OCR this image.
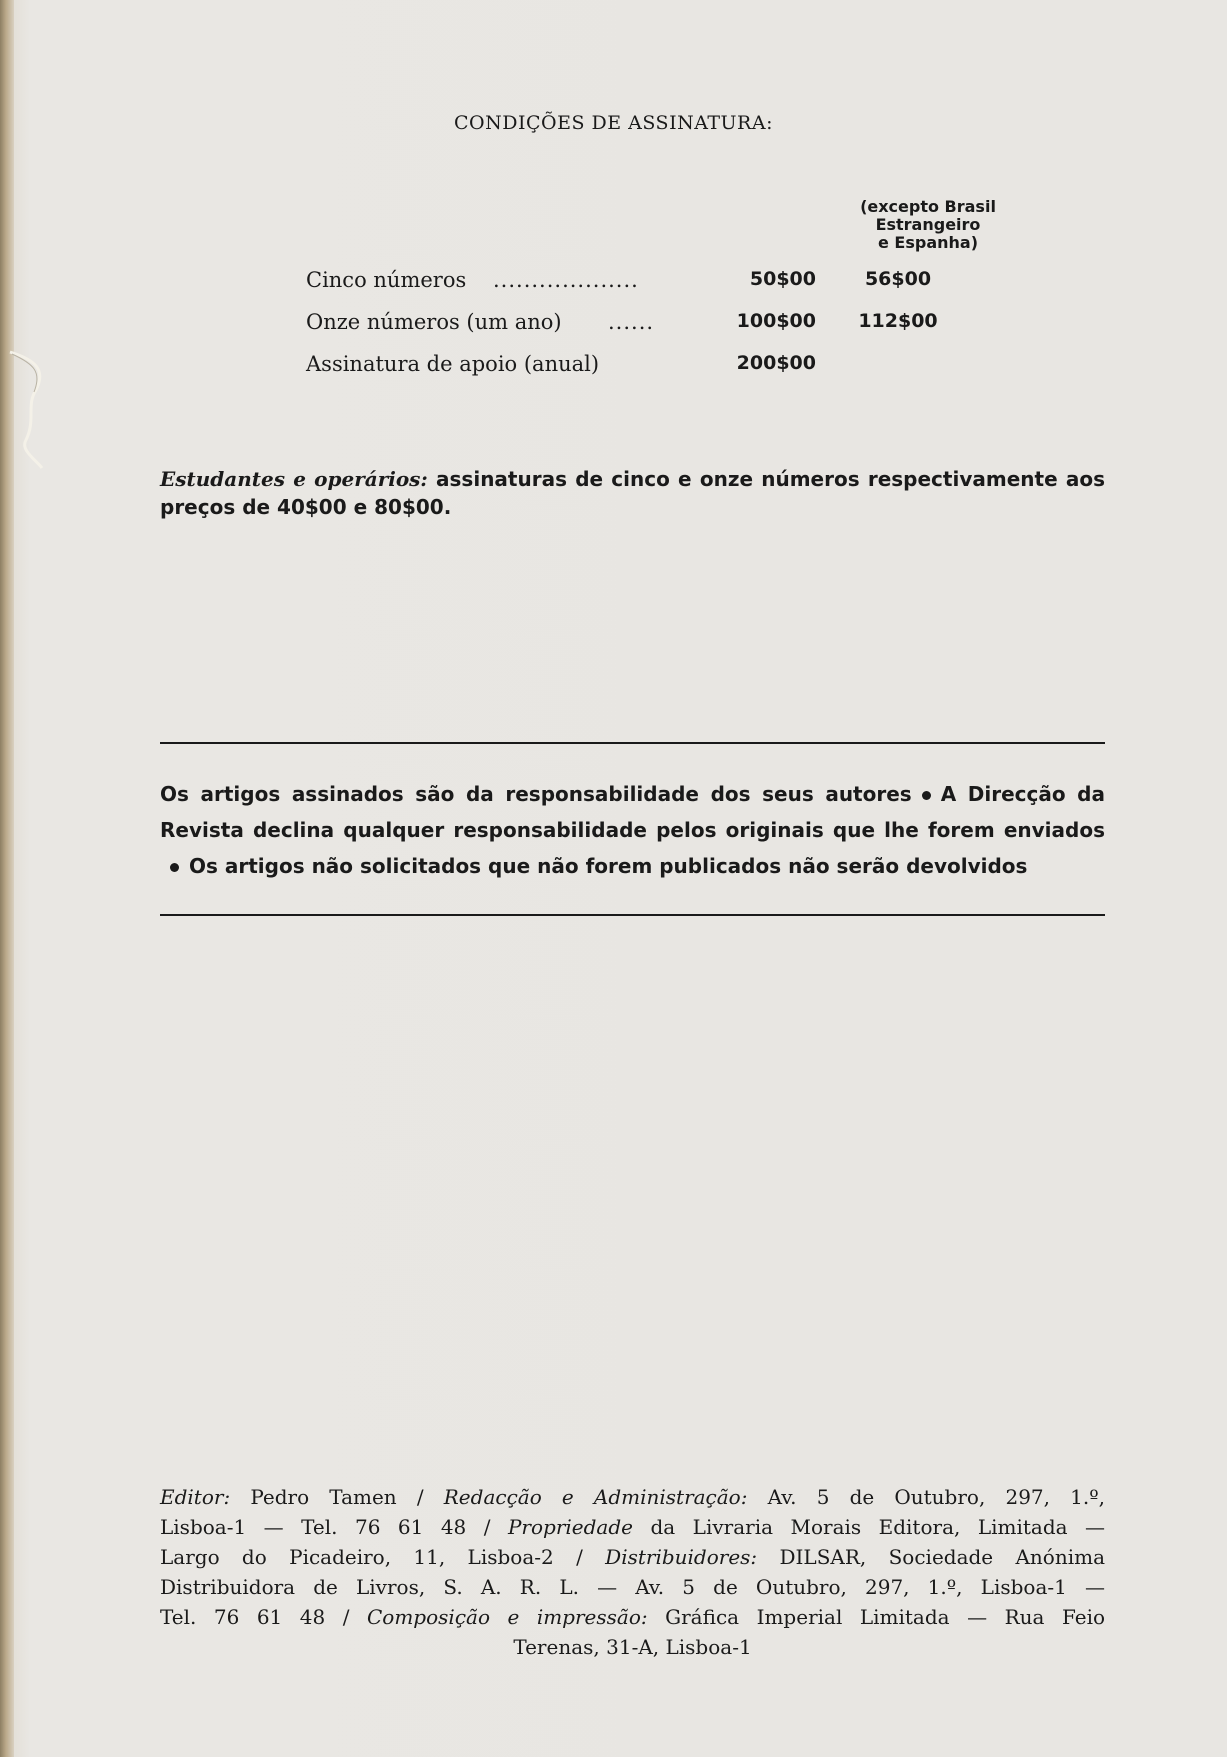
CONDIÇÕES DE ASSINATURA:
(excepto Brasil
Estrangeiro
e Espanha)
Cinco números ...................	50$00	56$00
Onze números (um ano) ......	100$00	112$00
Assinatura de apoio (anual)	200$00
Estudantes e operários: assinaturas de cinco e onze números respectivamente aos preços de 40$00 e 80$00.
Os artigos assinados são da responsabilidade dos seus autores A Direcção da Revista declina qualquer responsabilidade pelos originais que lhe forem enviadosOs artigos não solicitados que não forem publicados não serão devolvidos
Editor: Pedro Tamen / Redacção e Administração: Av. 5 de Outubro, 297, 1.º,
Lisboa-1 — Tel. 76 61 48 / Propriedade da Livraria Morais Editora, Limitada —
Largo do Picadeiro, 11, Lisboa-2 / Distribuidores: DILSAR, Sociedade Anónima
Distribuidora de Livros, S. A. R. L. — Av. 5 de Outubro, 297, 1.º, Lisboa-1 —
Tel. 76 61 48 / Composição e impressão: Gráfica Imperial Limitada — Rua Feio
Terenas, 31-A, Lisboa-1
